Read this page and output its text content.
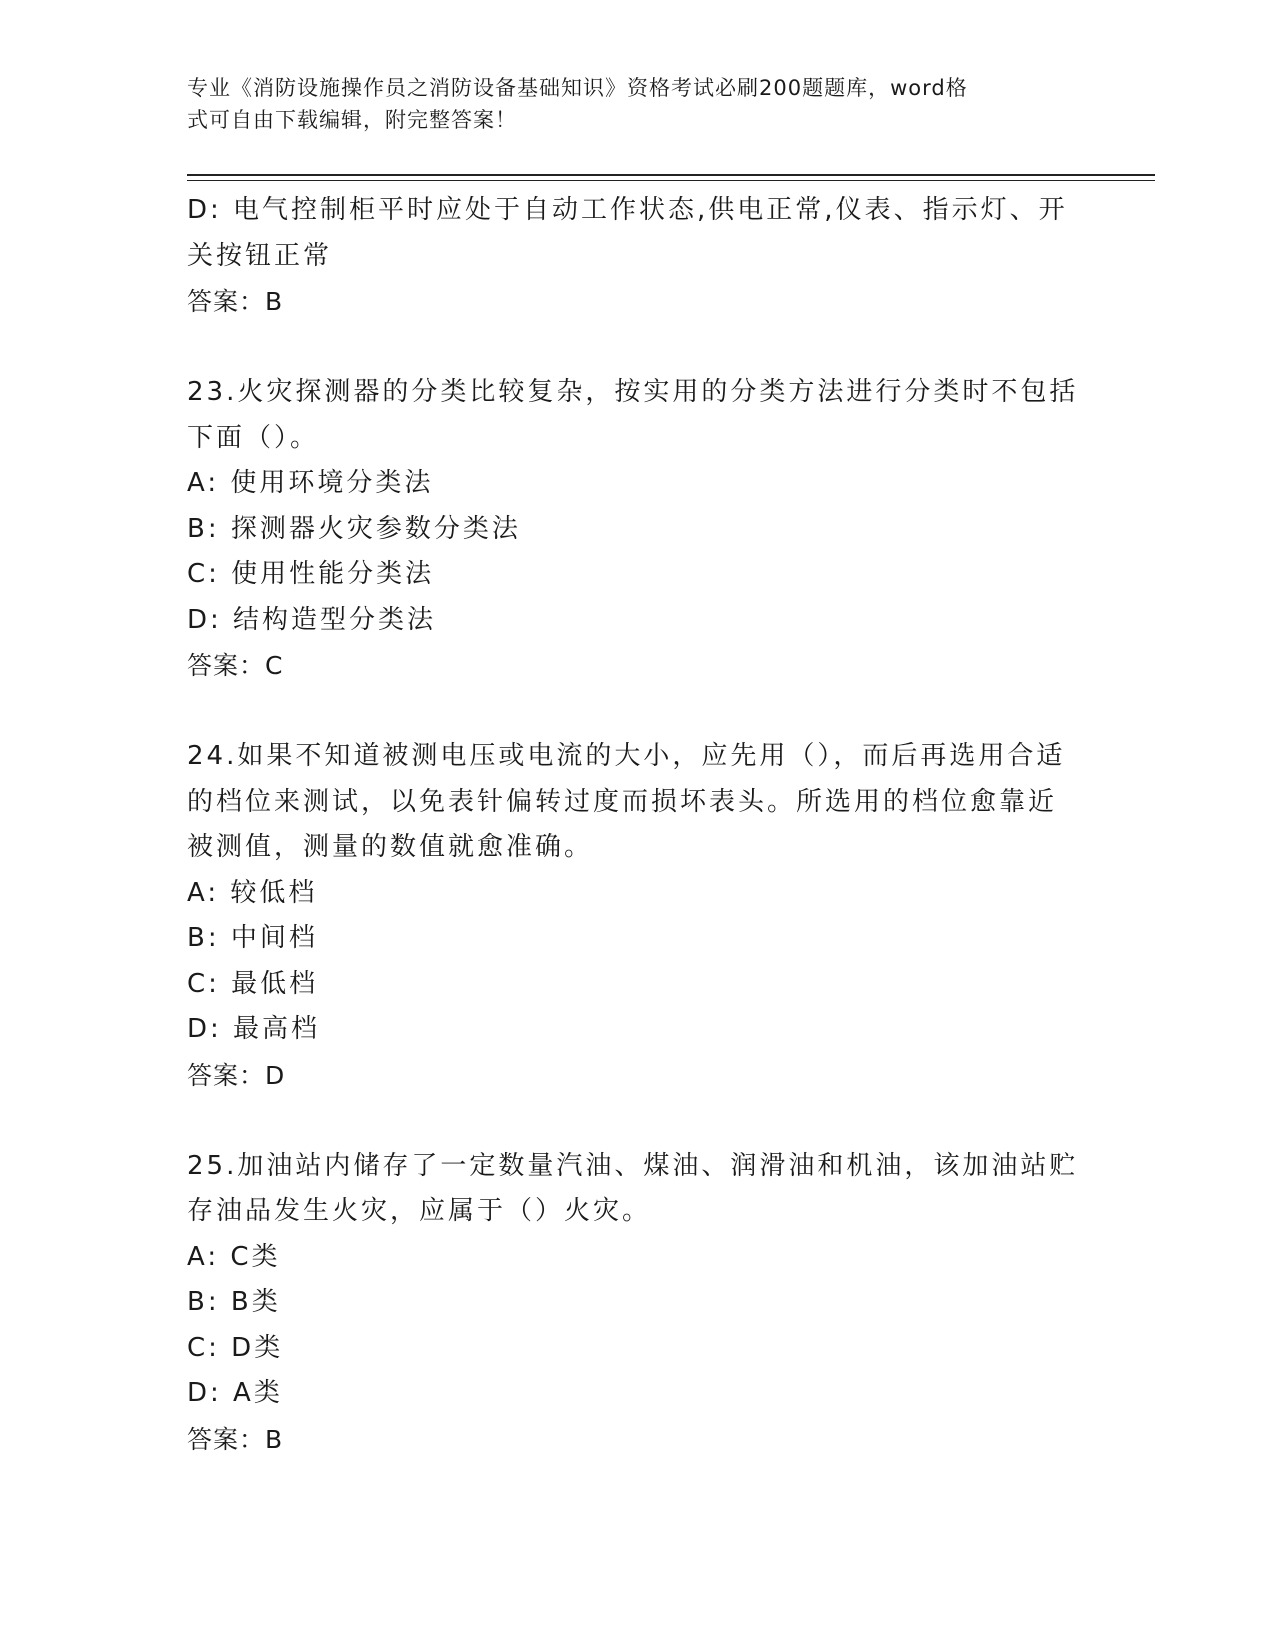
专业《消防设施操作员之消防设备基础知识》资格考试必刷200题题库，word格
式可自由下载编辑，附完整答案！
D: 电气控制柜平时应处于自动工作状态,供电正常,仪表、指示灯、开
关按钮正常
答案：B
23.火灾探测器的分类比较复杂，按实用的分类方法进行分类时不包括
下面（）。
A: 使用环境分类法
B: 探测器火灾参数分类法
C: 使用性能分类法
D: 结构造型分类法
答案：C
24.如果不知道被测电压或电流的大小，应先用（），而后再选用合适
的档位来测试，以免表针偏转过度而损坏表头。所选用的档位愈靠近
被测值，测量的数值就愈准确。
A: 较低档
B: 中间档
C: 最低档
D: 最高档
答案：D
25.加油站内储存了一定数量汽油、煤油、润滑油和机油，该加油站贮
存油品发生火灾，应属于（）火灾。
A: C类
B: B类
C: D类
D: A类
答案：B
